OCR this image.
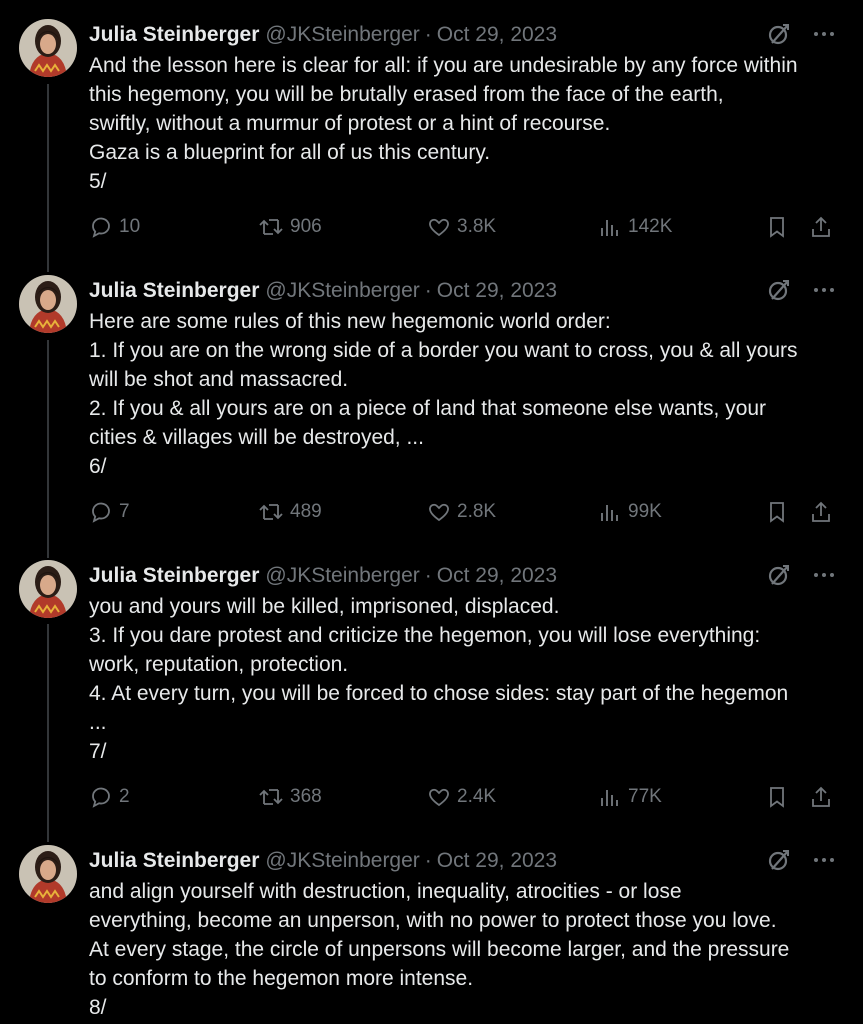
Julia Steinberger @JKSteinberger · Oct 29, 2023

And the lesson here is clear for all: if you are undesirable by any force within

this hegemony, you will be brutally erased from the face of the earth,

swiftly, without a murmur of protest or a hint of recourse.

Gaza is a blueprint for all of us this century.

5/

10	906	3.8K	142K
Julia Steinberger @JKSteinberger · Oct 29, 2023

Here are some rules of this new hegemonic world order:

1. If you are on the wrong side of a border you want to cross, you & all yours

will be shot and massacred.

2. If you & all yours are on a piece of land that someone else wants, your

cities & villages will be destroyed, ...

6/

7	489	2.8K	99K
Julia Steinberger @JKSteinberger · Oct 29, 2023

you and yours will be killed, imprisoned, displaced.

3. If you dare protest and criticize the hegemon, you will lose everything:

work, reputation, protection.

4. At every turn, you will be forced to chose sides: stay part of the hegemon

...

7/

2	368	2.4K	77K
Julia Steinberger @JKSteinberger · Oct 29, 2023

and align yourself with destruction, inequality, atrocities - or lose

everything, become an unperson, with no power to protect those you love.

At every stage, the circle of unpersons will become larger, and the pressure

to conform to the hegemon more intense.

8/
